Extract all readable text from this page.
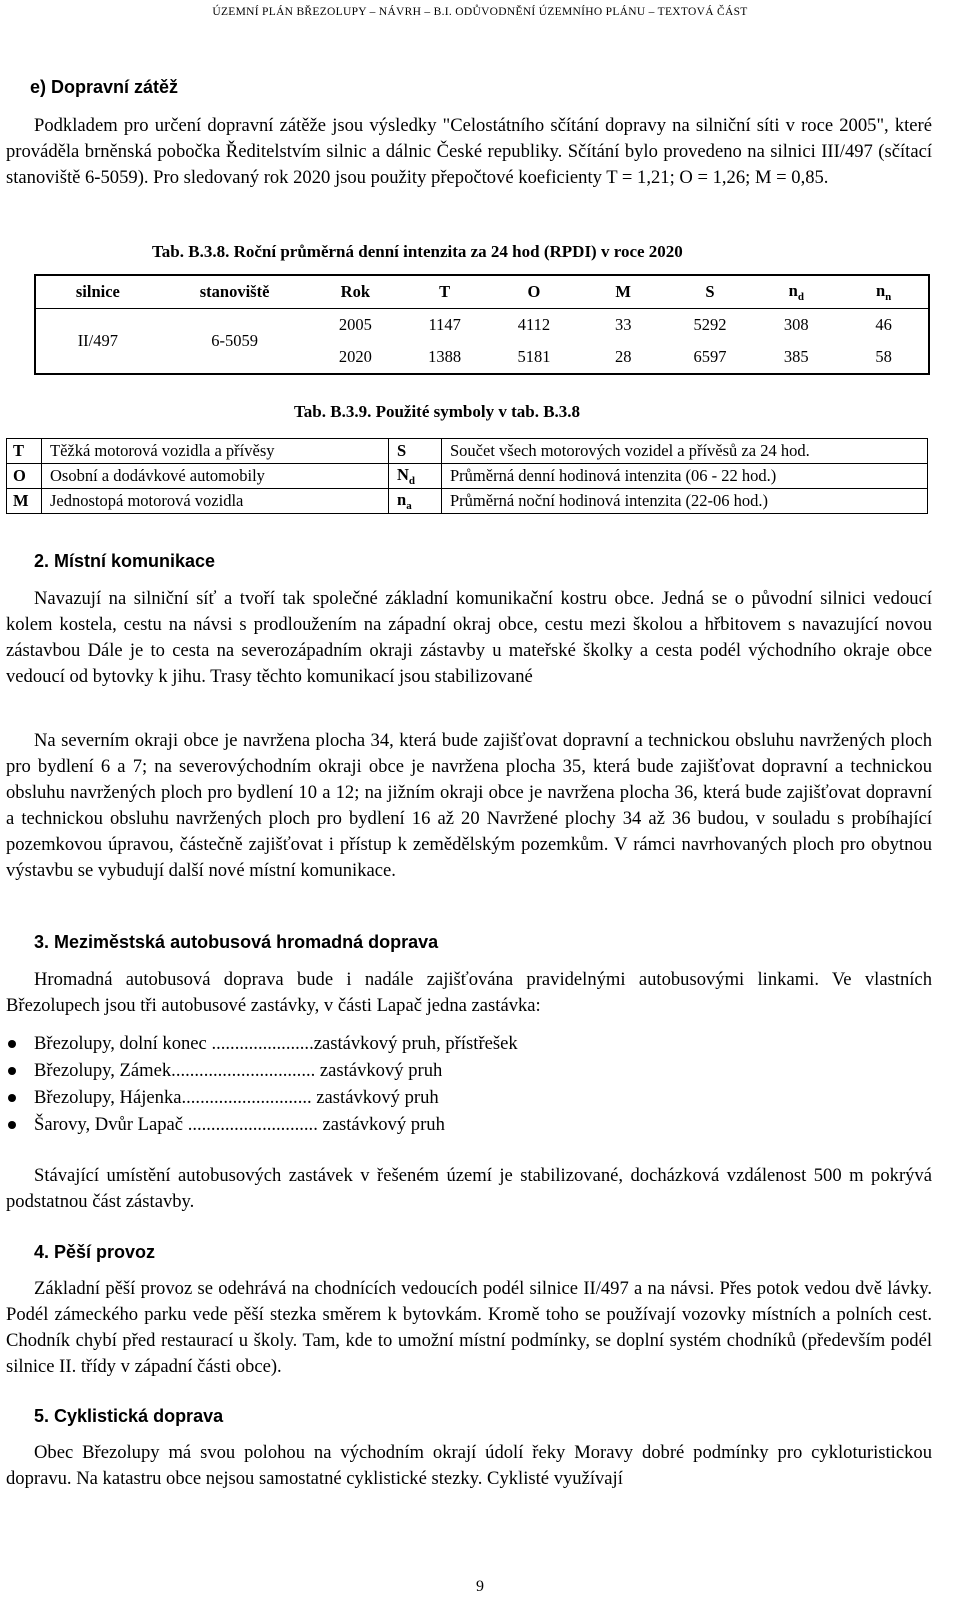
ÚZEMNÍ PLÁN BŘEZOLUPY – NÁVRH – B.I. ODŮVODNĚNÍ ÚZEMNÍHO PLÁNU – TEXTOVÁ ČÁST
e) Dopravní zátěž

Podkladem pro určení dopravní zátěže jsou výsledky "Celostátního sčítání dopravy na silniční síti v roce 2005", které prováděla brněnská pobočka Ředitelstvím silnic a dálnic České republiky. Sčítání bylo provedeno na silnici III/497 (sčítací stanoviště 6-5059). Pro sledovaný rok 2020 jsou použity přepočtové koeficienty T = 1,21; O = 1,26; M = 0,85.

Tab. B.3.8. Roční průměrná denní intenzita za 24 hod (RPDI) v roce 2020
silnice	stanoviště	Rok	T	O	M	S	$n_d$	$n_n$
II/497	6-5059	2005	1147	4112	33	5292	308	46
		2020	1388	5181	28	6597	385	58
Tab. B.3.9. Použité symboly v tab. B.3.8
T	Těžká motorová vozidla a přívěsy	S	Součet všech motorových vozidel a přívěsů za 24 hod.
O	Osobní a dodávkové automobily	$N_d$	Průměrná denní hodinová intenzita (06 - 22 hod.)
M	Jednostopá motorová vozidla	$n_a$	Průměrná noční hodinová intenzita (22-06 hod.)
2. Místní komunikace

Navazují na silniční síť a tvoří tak společné základní komunikační kostru obce. Jedná se o původní silnici vedoucí kolem kostela, cestu na návsi s prodloužením na západní okraj obce, cestu mezi školou a hřbitovem s navazující novou zástavbou Dále je to cesta na severozápadním okraji zástavby u mateřské školky a cesta podél východního okraje obce vedoucí od bytovky k jihu. Trasy těchto komunikací jsou stabilizované

Na severním okraji obce je navržena plocha 34, která bude zajišťovat dopravní a technickou obsluhu navržených ploch pro bydlení 6 a 7; na severovýchodním okraji obce je navržena plocha 35, která bude zajišťovat dopravní a technickou obsluhu navržených ploch pro bydlení 10 a 12; na jižním okraji obce je navržena plocha 36, která bude zajišťovat dopravní a technickou obsluhu navržených ploch pro bydlení 16 až 20 Navržené plochy 34 až 36 budou, v souladu s probíhající pozemkovou úpravou, částečně zajišťovat i přístup k zemědělským pozemkům. V rámci navrhovaných ploch pro obytnou výstavbu se vybudují další nové místní komunikace.

3. Meziměstská autobusová hromadná doprava

Hromadná autobusová doprava bude i nadále zajišťována pravidelnými autobusovými linkami. Ve vlastních Březolupech jsou tři autobusové zastávky, v části Lapač jedna zastávka:

Březolupy, dolní konec ......................zastávkový pruh, přístřešek
Březolupy, Zámek............................... zastávkový pruh
Březolupy, Hájenka............................ zastávkový pruh
Šarovy, Dvůr Lapač ............................ zastávkový pruh

Stávající umístění autobusových zastávek v řešeném území je stabilizované, docházková vzdálenost 500 m pokrývá podstatnou část zástavby.

4. Pěší provoz

Základní pěší provoz se odehrává na chodnících vedoucích podél silnice II/497 a na návsi. Přes potok vedou dvě lávky. Podél zámeckého parku vede pěší stezka směrem k bytovkám. Kromě toho se používají vozovky místních a polních cest. Chodník chybí před restaurací u školy. Tam, kde to umožní místní podmínky, se doplní systém chodníků (především podél silnice II. třídy v západní části obce).

5. Cyklistická doprava

Obec Březolupy má svou polohou na východním okrají údolí řeky Moravy dobré podmínky pro cykloturistickou dopravu. Na katastru obce nejsou samostatné cyklistické stezky. Cyklisté využívají

9
